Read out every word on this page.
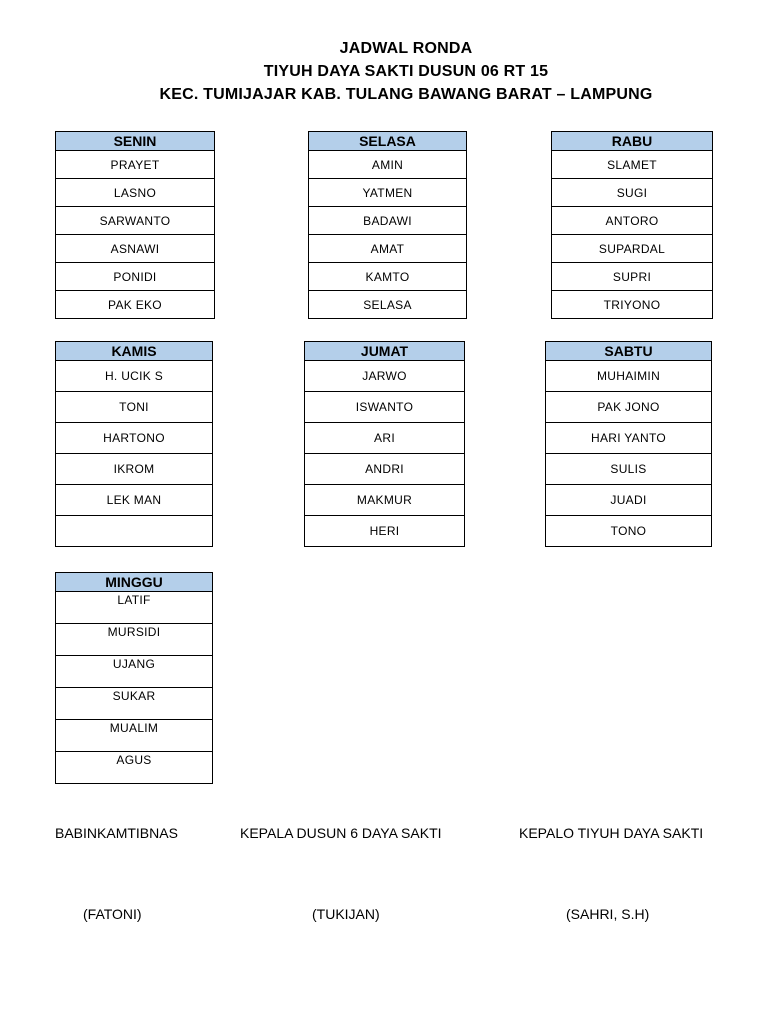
JADWAL RONDA
TIYUH DAYA SAKTI DUSUN 06 RT 15
KEC. TUMIJAJAR KAB. TULANG BAWANG BARAT – LAMPUNG
SENIN
PRAYET
LASNO
SARWANTO
ASNAWI
PONIDI
PAK EKO
SELASA
AMIN
YATMEN
BADAWI
AMAT
KAMTO
SELASA
RABU
SLAMET
SUGI
ANTORO
SUPARDAL
SUPRI
TRIYONO
KAMIS
H. UCIK S
TONI
HARTONO
IKROM
LEK MAN

JUMAT
JARWO
ISWANTO
ARI
ANDRI
MAKMUR
HERI
SABTU
MUHAIMIN
PAK JONO
HARI YANTO
SULIS
JUADI
TONO
MINGGU
LATIF
MURSIDI
UJANG
SUKAR
MUALIM
AGUS
BABINKAMTIBNAS	KEPALA DUSUN 6 DAYA SAKTI	KEPALO TIYUH DAYA SAKTI
(FATONI)	(TUKIJAN)	(SAHRI, S.H)
